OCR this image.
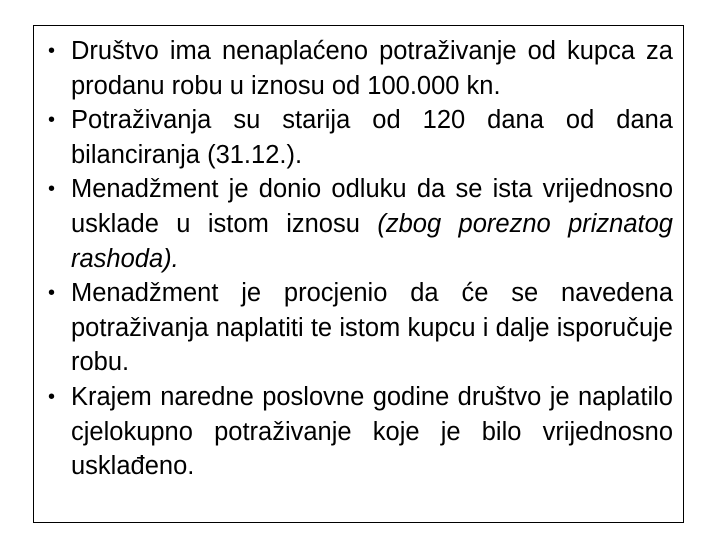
• Društvo ima nenaplaćeno potraživanje od kupca za prodanu robu u iznosu od 100.000 kn.
• Potraživanja su starija od 120 dana od dana bilanciranja (31.12.).
• Menadžment je donio odluku da se ista vrijednosno usklade u istom iznosu (zbog porezno priznatog rashoda).
• Menadžment je procjenio da će se navedena potraživanja naplatiti te istom kupcu i dalje isporučuje robu.
• Krajem naredne poslovne godine društvo je naplatilo cjelokupno potraživanje koje je bilo vrijednosno usklađeno.
